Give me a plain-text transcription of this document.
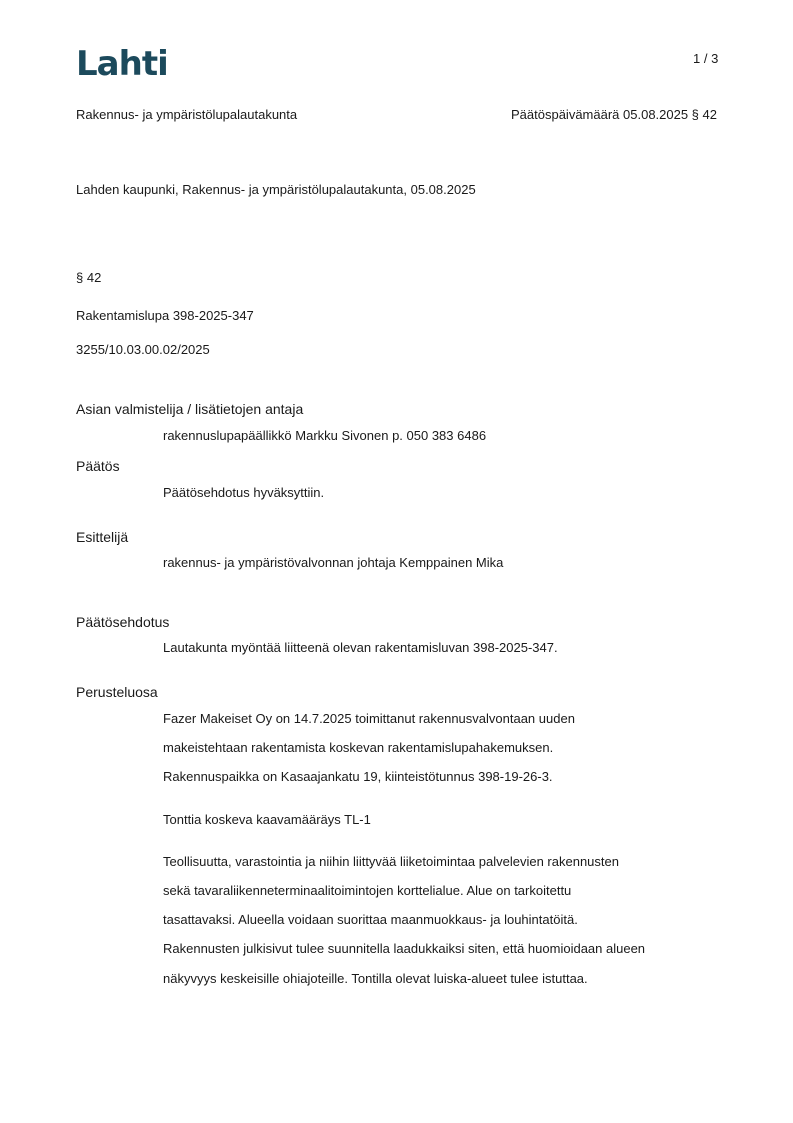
Lahti	1 / 3
Rakennus- ja ympäristölupalautakunta	Päätöspäivämäärä 05.08.2025 § 42
Lahden kaupunki, Rakennus- ja ympäristölupalautakunta, 05.08.2025
§ 42
Rakentamislupa 398-2025-347
3255/10.03.00.02/2025
Asian valmistelija / lisätietojen antaja
rakennuslupapäällikkö Markku Sivonen p. 050 383 6486
Päätös
Päätösehdotus hyväksyttiin.
Esittelijä
rakennus- ja ympäristövalvonnan johtaja Kemppainen Mika
Päätösehdotus
Lautakunta myöntää liitteenä olevan rakentamisluvan 398-2025-347.
Perusteluosa
Fazer Makeiset Oy on 14.7.2025 toimittanut rakennusvalvontaan uuden
makeistehtaan rakentamista koskevan rakentamislupahakemuksen.
Rakennuspaikka on Kasaajankatu 19, kiinteistötunnus 398-19-26-3.
Tonttia koskeva kaavamääräys TL-1
Teollisuutta, varastointia ja niihin liittyvää liiketoimintaa palvelevien rakennusten
sekä tavaraliikenneterminaalitoimintojen korttelialue. Alue on tarkoitettu
tasattavaksi. Alueella voidaan suorittaa maanmuokkaus- ja louhintatöitä.
Rakennusten julkisivut tulee suunnitella laadukkaiksi siten, että huomioidaan alueen
näkyvyys keskeisille ohiajoteille. Tontilla olevat luiska-alueet tulee istuttaa.
